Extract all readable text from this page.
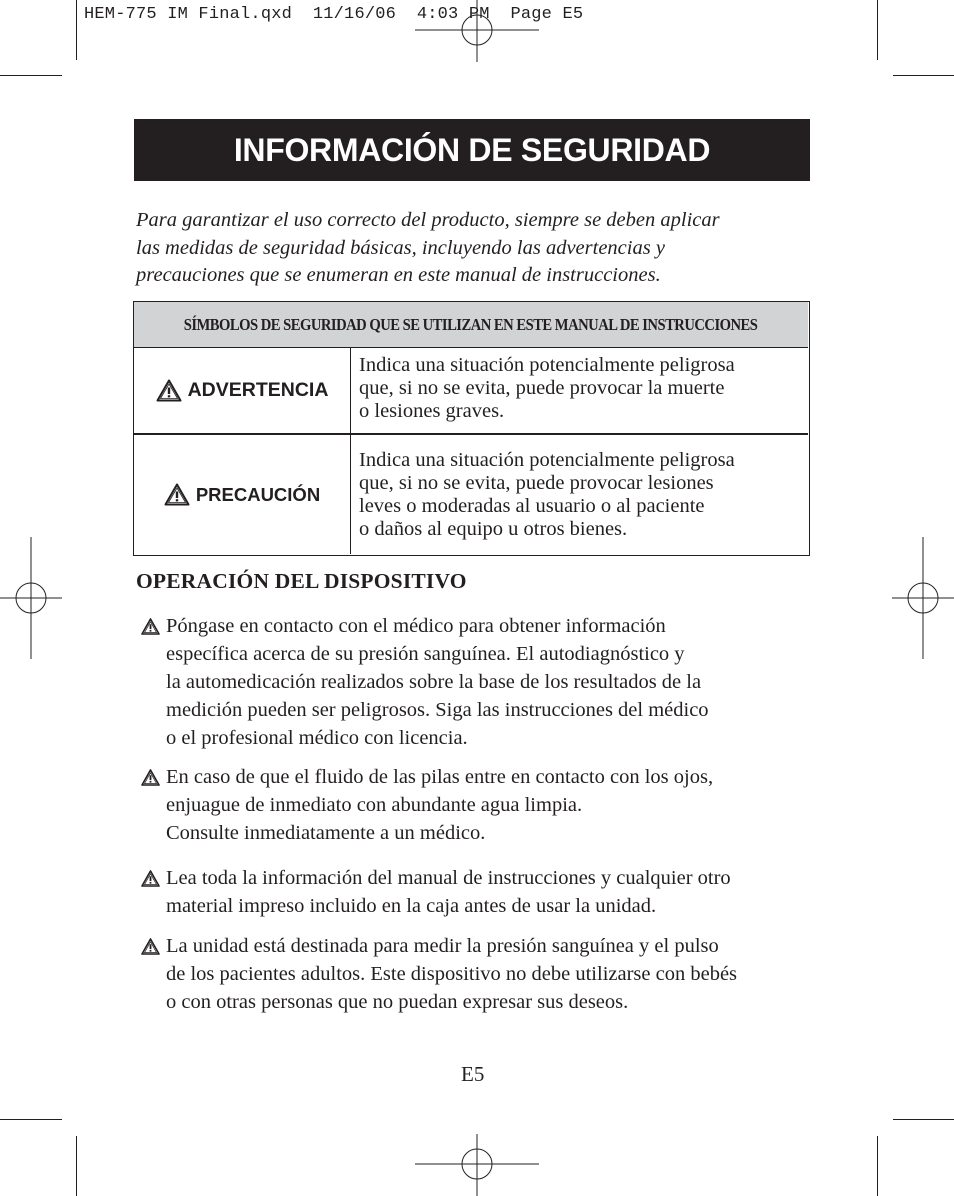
HEM-775 IM Final.qxd  11/16/06  4:03 PM  Page E5
INFORMACIÓN DE SEGURIDAD

Para garantizar el uso correcto del producto, siempre se deben aplicar
las medidas de seguridad básicas, incluyendo las advertencias y
precauciones que se enumeran en este manual de instrucciones.

SÍMBOLOS DE SEGURIDAD QUE SE UTILIZAN EN ESTE MANUAL DE INSTRUCCIONES
ADVERTENCIA

Indica una situación potencialmente peligrosa
que, si no se evita, puede provocar la muerte
o lesiones graves.

PRECAUCIÓN

Indica una situación potencialmente peligrosa
que, si no se evita, puede provocar lesiones
leves o moderadas al usuario o al paciente
o daños al equipo u otros bienes.

OPERACIÓN DEL DISPOSITIVO

Póngase en contacto con el médico para obtener información
específica acerca de su presión sanguínea. El autodiagnóstico y
la automedicación realizados sobre la base de los resultados de la
medición pueden ser peligrosos. Siga las instrucciones del médico
o el profesional médico con licencia.

En caso de que el fluido de las pilas entre en contacto con los ojos,
enjuague de inmediato con abundante agua limpia.
Consulte inmediatamente a un médico.

Lea toda la información del manual de instrucciones y cualquier otro
material impreso incluido en la caja antes de usar la unidad.

La unidad está destinada para medir la presión sanguínea y el pulso
de los pacientes adultos. Este dispositivo no debe utilizarse con bebés
o con otras personas que no puedan expresar sus deseos.

E5
